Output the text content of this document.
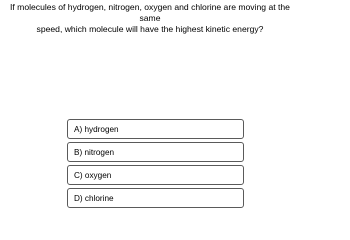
If molecules of hydrogen, nitrogen, oxygen and chlorine are moving at the same
speed, which molecule will have the highest kinetic energy?
A) hydrogen
B) nitrogen
C) oxygen
D) chlorine
